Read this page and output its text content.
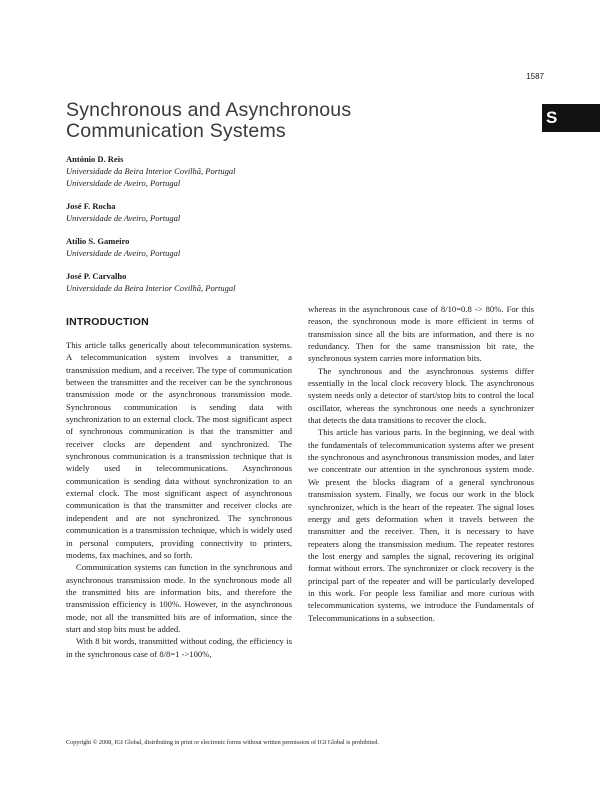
1587
S
Synchronous and Asynchronous
Communication Systems
António D. Reis
Universidade da Beira Interior Covilhã, Portugal
Universidade de Aveiro, Portugal
José F. Rocha
Universidade de Aveiro, Portugal
Atílio S. Gameiro
Universidade de Aveiro, Portugal
José P. Carvalho
Universidade da Beira Interior Covilhã, Portugal
INTRODUCTION

This article talks generically about telecommunication systems. A telecommunication system involves a transmitter, a transmission medium, and a receiver. The type of communication between the transmitter and the receiver can be the synchronous transmission mode or the asynchronous transmission mode. Synchronous communication is sending data with synchronization to an external clock. The most significant aspect of synchronous communication is that the transmitter and receiver clocks are dependent and synchronized. The synchronous communication is a transmission technique that is widely used in telecommunications. Asynchronous communication is sending data without synchronization to an external clock. The most significant aspect of asynchronous communication is that the transmitter and receiver clocks are independent and are not synchronized. The synchronous communication is a transmission technique, which is widely used in personal computers, providing connectivity to printers, modems, fax machines, and so forth.

Communication systems can function in the synchronous and asynchronous transmission mode. In the synchronous mode all the transmitted bits are information bits, and therefore the transmission efficiency is 100%. However, in the asynchronous mode, not all the transmitted bits are of information, since the start and stop bits must be added.

With 8 bit words, transmitted without coding, the efficiency is in the synchronous case of 8/8=1 ->100%,

whereas in the asynchronous case of 8/10=0.8 -> 80%. For this reason, the synchronous mode is more efficient in terms of transmission since all the bits are information, and there is no redundancy. Then for the same transmission bit rate, the synchronous system carries more information bits.

The synchronous and the asynchronous systems differ essentially in the local clock recovery block. The asynchronous system needs only a detector of start/stop bits to control the local oscillator, whereas the synchronous one needs a synchronizer that detects the data transitions to recover the clock.

This article has various parts. In the beginning, we deal with the fundamentals of telecommunication systems after we present the synchronous and asynchronous transmission modes, and later we concentrate our attention in the synchronous system mode. We present the blocks diagram of a general synchronous transmission system. Finally, we focus our work in the block synchronizer, which is the heart of the repeater. The signal loses energy and gets deformation when it travels between the transmitter and the receiver. Then, it is necessary to have repeaters along the transmission medium. The repeater restores the lost energy and samples the signal, recovering its original format without errors. The synchronizer or clock recovery is the principal part of the repeater and will be particularly developed in this work. For people less familiar and more curious with telecommunication systems, we introduce the Fundamentals of Telecommunications in a subsection.

Copyright © 2008, IGI Global, distributing in print or electronic forms without written permission of IGI Global is prohibited.
